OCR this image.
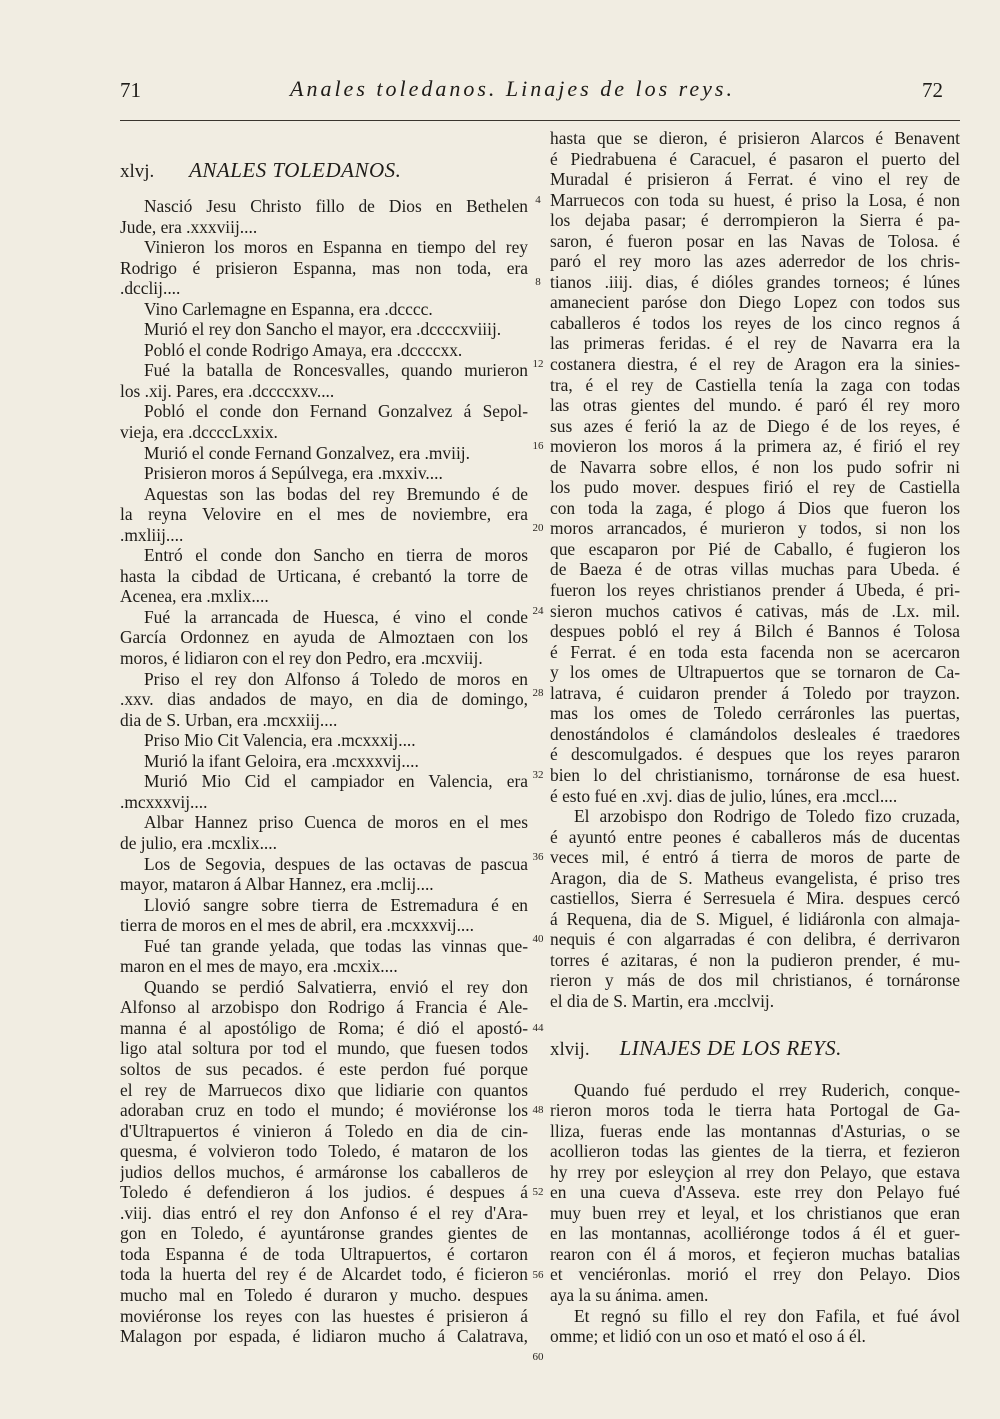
71	Anales toledanos. Linajes de los reys.	72
xlvj. ANALES TOLEDANOS.
Nasció Jesu Christo fillo de Dios en Bethelen
Jude, era .xxxviij....
Vinieron los moros en Espanna en tiempo del rey
Rodrigo é prisieron Espanna, mas non toda, era
.dcclij....
Vino Carlemagne en Espanna, era .dcccc.
Murió el rey don Sancho el mayor, era .dccccxviiij.
Pobló el conde Rodrigo Amaya, era .dccccxx.
Fué la batalla de Roncesvalles, quando murieron
los .xij. Pares, era .dccccxxv....
Pobló el conde don Fernand Gonzalvez á Sepol-
vieja, era .dccccLxxix.
Murió el conde Fernand Gonzalvez, era .mviij.
Prisieron moros á Sepúlvega, era .mxxiv....
Aquestas son las bodas del rey Bremundo é de
la reyna Velovire en el mes de noviembre, era
.mxliij....
Entró el conde don Sancho en tierra de moros
hasta la cibdad de Urticana, é crebantó la torre de
Acenea, era .mxlix....
Fué la arrancada de Huesca, é vino el conde
García Ordonnez en ayuda de Almoztaen con los
moros, é lidiaron con el rey don Pedro, era .mcxviij.
Priso el rey don Alfonso á Toledo de moros en
.xxv. dias andados de mayo, en dia de domingo,
dia de S. Urban, era .mcxxiij....
Priso Mio Cit Valencia, era .mcxxxij....
Murió la ifant Geloira, era .mcxxxvij....
Murió Mio Cid el campiador en Valencia, era
.mcxxxvij....
Albar Hannez priso Cuenca de moros en el mes
de julio, era .mcxlix....
Los de Segovia, despues de las octavas de pascua
mayor, mataron á Albar Hannez, era .mclij....
Llovió sangre sobre tierra de Estremadura é en
tierra de moros en el mes de abril, era .mcxxxvij....
Fué tan grande yelada, que todas las vinnas que-
maron en el mes de mayo, era .mcxix....
Quando se perdió Salvatierra, envió el rey don
Alfonso al arzobispo don Rodrigo á Francia é Ale-
manna é al apostóligo de Roma; é dió el apostó-
ligo atal soltura por tod el mundo, que fuesen todos
soltos de sus pecados. é este perdon fué porque
el rey de Marruecos dixo que lidiarie con quantos
adoraban cruz en todo el mundo; é moviéronse los
d'Ultrapuertos é vinieron á Toledo en dia de cin-
quesma, é volvieron todo Toledo, é mataron de los
judios dellos muchos, é armáronse los caballeros de
Toledo é defendieron á los judios. é despues á
.viij. dias entró el rey don Anfonso é el rey d'Ara-
gon en Toledo, é ayuntáronse grandes gientes de
toda Espanna é de toda Ultrapuertos, é cortaron
toda la huerta del rey é de Alcardet todo, é ficieron
mucho mal en Toledo é duraron y mucho. despues
moviéronse los reyes con las huestes é prisieron á
Malagon por espada, é lidiaron mucho á Calatrava,
hasta que se dieron, é prisieron Alarcos é Benavent
é Piedrabuena é Caracuel, é pasaron el puerto del
Muradal é prisieron á Ferrat. é vino el rey de
Marruecos con toda su huest, é priso la Losa, é non
los dejaba pasar; é derrompieron la Sierra é pa-
saron, é fueron posar en las Navas de Tolosa. é
paró el rey moro las azes aderredor de los chris-
tianos .iiij. dias, é dióles grandes torneos; é lúnes
amanecient paróse don Diego Lopez con todos sus
caballeros é todos los reyes de los cinco regnos á
las primeras feridas. é el rey de Navarra era la
costanera diestra, é el rey de Aragon era la sinies-
tra, é el rey de Castiella tenía la zaga con todas
las otras gientes del mundo. é paró él rey moro
sus azes é ferió la az de Diego é de los reyes, é
movieron los moros á la primera az, é firió el rey
de Navarra sobre ellos, é non los pudo sofrir ni
los pudo mover. despues firió el rey de Castiella
con toda la zaga, é plogo á Dios que fueron los
moros arrancados, é murieron y todos, si non los
que escaparon por Pié de Caballo, é fugieron los
de Baeza é de otras villas muchas para Ubeda. é
fueron los reyes christianos prender á Ubeda, é pri-
sieron muchos cativos é cativas, más de .Lx. mil.
despues pobló el rey á Bilch é Bannos é Tolosa
é Ferrat. é en toda esta facenda non se acercaron
y los omes de Ultrapuertos que se tornaron de Ca-
latrava, é cuidaron prender á Toledo por trayzon.
mas los omes de Toledo cerráronles las puertas,
denostándolos é clamándolos desleales é traedores
é descomulgados. é despues que los reyes pararon
bien lo del christianismo, tornáronse de esa huest.
é esto fué en .xvj. dias de julio, lúnes, era .mccl....
El arzobispo don Rodrigo de Toledo fizo cruzada,
é ayuntó entre peones é caballeros más de ducentas
veces mil, é entró á tierra de moros de parte de
Aragon, dia de S. Matheus evangelista, é priso tres
castiellos, Sierra é Serresuela é Mira. despues cercó
á Requena, dia de S. Miguel, é lidiáronla con almaja-
nequis é con algarradas é con delibra, é derrivaron
torres é azitaras, é non la pudieron prender, é mu-
rieron y más de dos mil christianos, é tornáronse
el dia de S. Martin, era .mcclvij.
xlvij. LINAJES DE LOS REYS.
Quando fué perdudo el rrey Ruderich, conque-
rieron moros toda le tierra hata Portogal de Ga-
lliza, fueras ende las montannas d'Asturias, o se
acollieron todas las gientes de la tierra, et fezieron
hy rrey por esleyçion al rrey don Pelayo, que estava
en una cueva d'Asseva. este rrey don Pelayo fué
muy buen rrey et leyal, et los christianos que eran
en las montannas, acolliéronge todos á él et guer-
rearon con él á moros, et feçieron muchas batalias
et venciéronlas. morió el rrey don Pelayo. Dios
aya la su ánima. amen.
Et regnó su fillo el rey don Fafila, et fué ávol
omme; et lidió con un oso et mató el oso á él.
4
8
12
16
20
24
28
32
36
40
44
48
52
56
60
